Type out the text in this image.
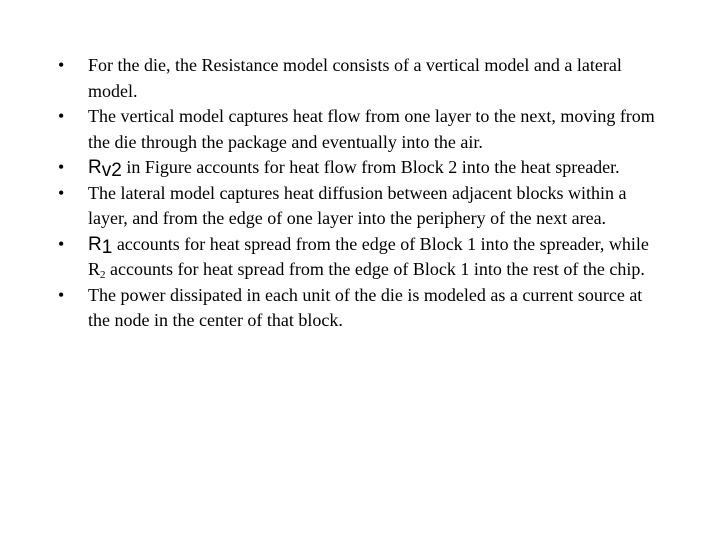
•	For the die, the Resistance model consists of a vertical model and a lateral model.
•	The vertical model captures heat flow from one layer to the next, moving from the die through the package and eventually into the air.
•	$R_{v2}$ in Figure accounts for heat flow from Block 2 into the heat spreader.
•	The lateral model captures heat diffusion between adjacent blocks within a layer, and from the edge of one layer into the periphery of the next area.
•	$R_1$ accounts for heat spread from the edge of Block 1 into the spreader, while $R_2$ accounts for heat spread from the edge of Block 1 into the rest of the chip.
•	The power dissipated in each unit of the die is modeled as a current source at the node in the center of that block.
